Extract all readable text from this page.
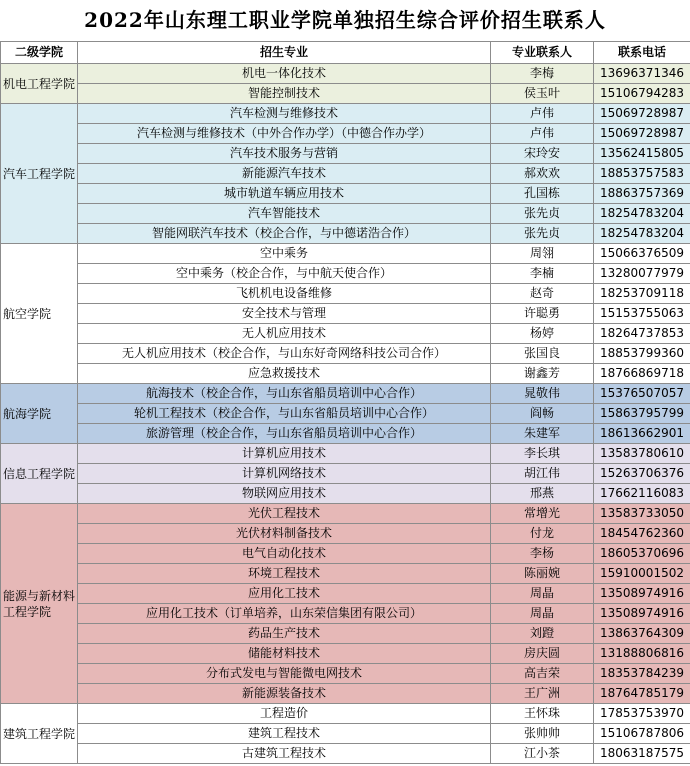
2022年山东理工职业学院单独招生综合评价招生联系人
二级学院	招生专业	专业联系人	联系电话
机电工程学院	机电一体化技术	李梅	13696371346
	智能控制技术	侯玉叶	15106794283
汽车工程学院	汽车检测与维修技术	卢伟	15069728987
	汽车检测与维修技术（中外合作办学）（中德合作办学）	卢伟	15069728987
	汽车技术服务与营销	宋玲安	13562415805
	新能源汽车技术	郝欢欢	18853757583
	城市轨道车辆应用技术	孔国栋	18863757369
	汽车智能技术	张先贞	18254783204
	智能网联汽车技术（校企合作，与中德诺浩合作）	张先贞	18254783204
航空学院	空中乘务	周翎	15066376509
	空中乘务（校企合作，与中航天使合作）	李楠	13280077979
	飞机机电设备维修	赵奇	18253709118
	安全技术与管理	许聪勇	15153755063
	无人机应用技术	杨婷	18264737853
	无人机应用技术（校企合作，与山东好奇网络科技公司合作）	张国良	18853799360
	应急救援技术	谢鑫芳	18766869718
航海学院	航海技术（校企合作，与山东省船员培训中心合作）	晁敬伟	15376507057
	轮机工程技术（校企合作，与山东省船员培训中心合作）	阎畅	15863795799
	旅游管理（校企合作，与山东省船员培训中心合作）	朱建军	18613662901
信息工程学院	计算机应用技术	李长琪	13583780610
	计算机网络技术	胡江伟	15263706376
	物联网应用技术	邢燕	17662116083
能源与新材料工程学院	光伏工程技术	常增光	13583733050
	光伏材料制备技术	付龙	18454762360
	电气自动化技术	李杨	18605370696
	环境工程技术	陈丽婉	15910001502
	应用化工技术	周晶	13508974916
	应用化工技术（订单培养，山东荣信集团有限公司）	周晶	13508974916
	药品生产技术	刘蹬	13863764309
	储能材料技术	房庆圆	13188806816
	分布式发电与智能微电网技术	高吉荣	18353784239
	新能源装备技术	王广洲	18764785179
建筑工程学院	工程造价	王怀珠	17853753970
	建筑工程技术	张帅帅	15106787806
	古建筑工程技术	江小茶	18063187575
